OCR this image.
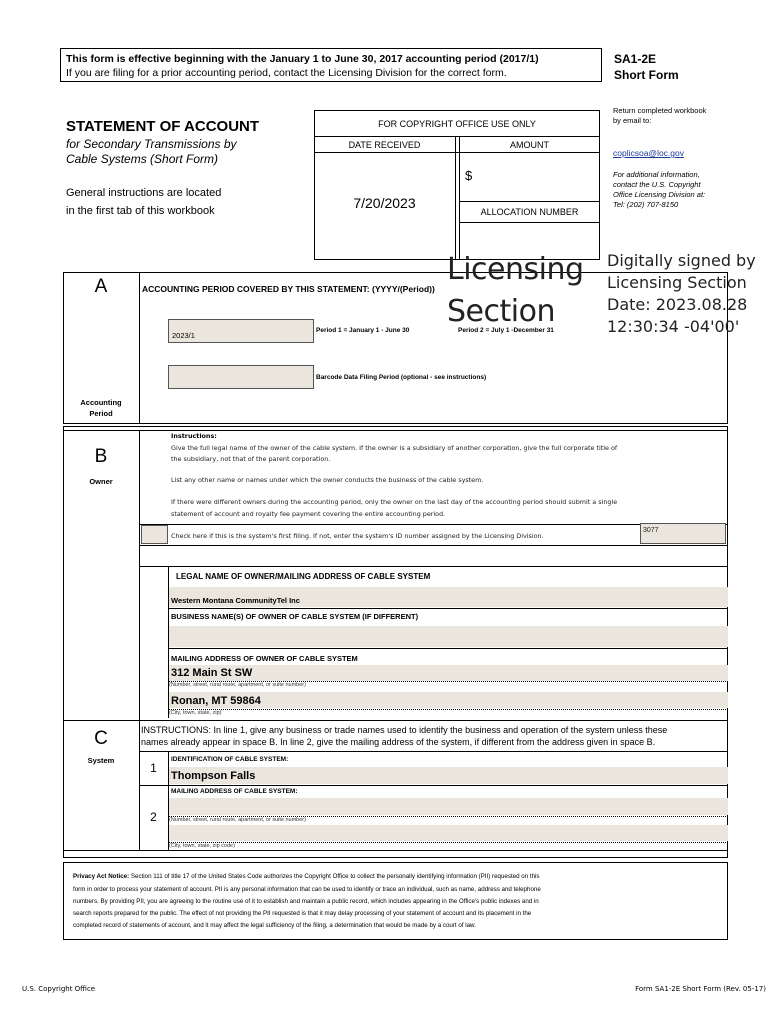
This form is effective beginning with the January 1 to June 30, 2017 accounting period (2017/1)
If you are filing for a prior accounting period, contact the Licensing Division for the correct form.
SA1-2E
Short Form
STATEMENT OF ACCOUNT
for Secondary Transmissions by
Cable Systems (Short Form)
General instructions are located
in the first tab of this workbook
FOR COPYRIGHT OFFICE USE ONLY
DATE RECEIVED	AMOUNT
7/20/2023
$
ALLOCATION NUMBER
Return completed workbook
by email to:
coplicsoa@loc.gov
For additional information,
contact the U.S. Copyright
Office Licensing Division at:
Tel: (202) 707-8150
A
Accounting
Period
ACCOUNTING PERIOD COVERED BY THIS STATEMENT: (YYYY/(Period))
2023/1
Period 1 = January 1 - June 30	Period 2 = July 1 -December 31
Barcode Data Filing Period (optional - see instructions)
Licensing
Section
Digitally signed by
Licensing Section
Date: 2023.08.28
12:30:34 -04'00'
B
Owner
Instructions:
Give the full legal name of the owner of the cable system. If the owner is a subsidiary of another corporation, give the full corporate title of
the subsidiary, not that of the parent corporation.
List any other name or names under which the owner conducts the business of the cable system.
If there were different owners during the accounting period, only the owner on the last day of the accounting period should submit a single
statement of account and royalty fee payment covering the entire accounting period.
Check here if this is the system's first filing. If not, enter the system's ID number assigned by the Licensing Division.
3077
LEGAL NAME OF OWNER/MAILING ADDRESS OF CABLE SYSTEM
Western Montana CommunityTel Inc
BUSINESS NAME(S) OF OWNER OF CABLE SYSTEM (IF DIFFERENT)
MAILING ADDRESS OF OWNER OF CABLE SYSTEM
312 Main St SW
(Number, street, rural route, apartment, or suite number)
Ronan, MT 59864
(City, town, state, zip)
C
System
INSTRUCTIONS: In line 1, give any business or trade names used to identify the business and operation of the system unless these
names already appear in space B. In line 2, give the mailing address of the system, if different from the address given in space B.
1
IDENTIFICATION OF CABLE SYSTEM:
Thompson Falls
MAILING ADDRESS OF CABLE SYSTEM:
2	(Number, street, rural route, apartment, or suite number)
(City, town, state, zip code)
Privacy Act Notice: Section 111 of title 17 of the United States Code authorizes the Copyright Office to collect the personally identifying information (PII) requested on this
form in order to process your statement of account. PII is any personal information that can be used to identify or trace an individual, such as name, address and telephone
numbers. By providing PII, you are agreeing to the routine use of it to establish and maintain a public record, which includes appearing in the Office's public indexes and in
search reports prepared for the public. The effect of not providing the PII requested is that it may delay processing of your statement of account and its placement in the
completed record of statements of account, and it may affect the legal sufficiency of the filing, a determination that would be made by a court of law.
U.S. Copyright Office	Form SA1-2E Short Form (Rev. 05-17)
